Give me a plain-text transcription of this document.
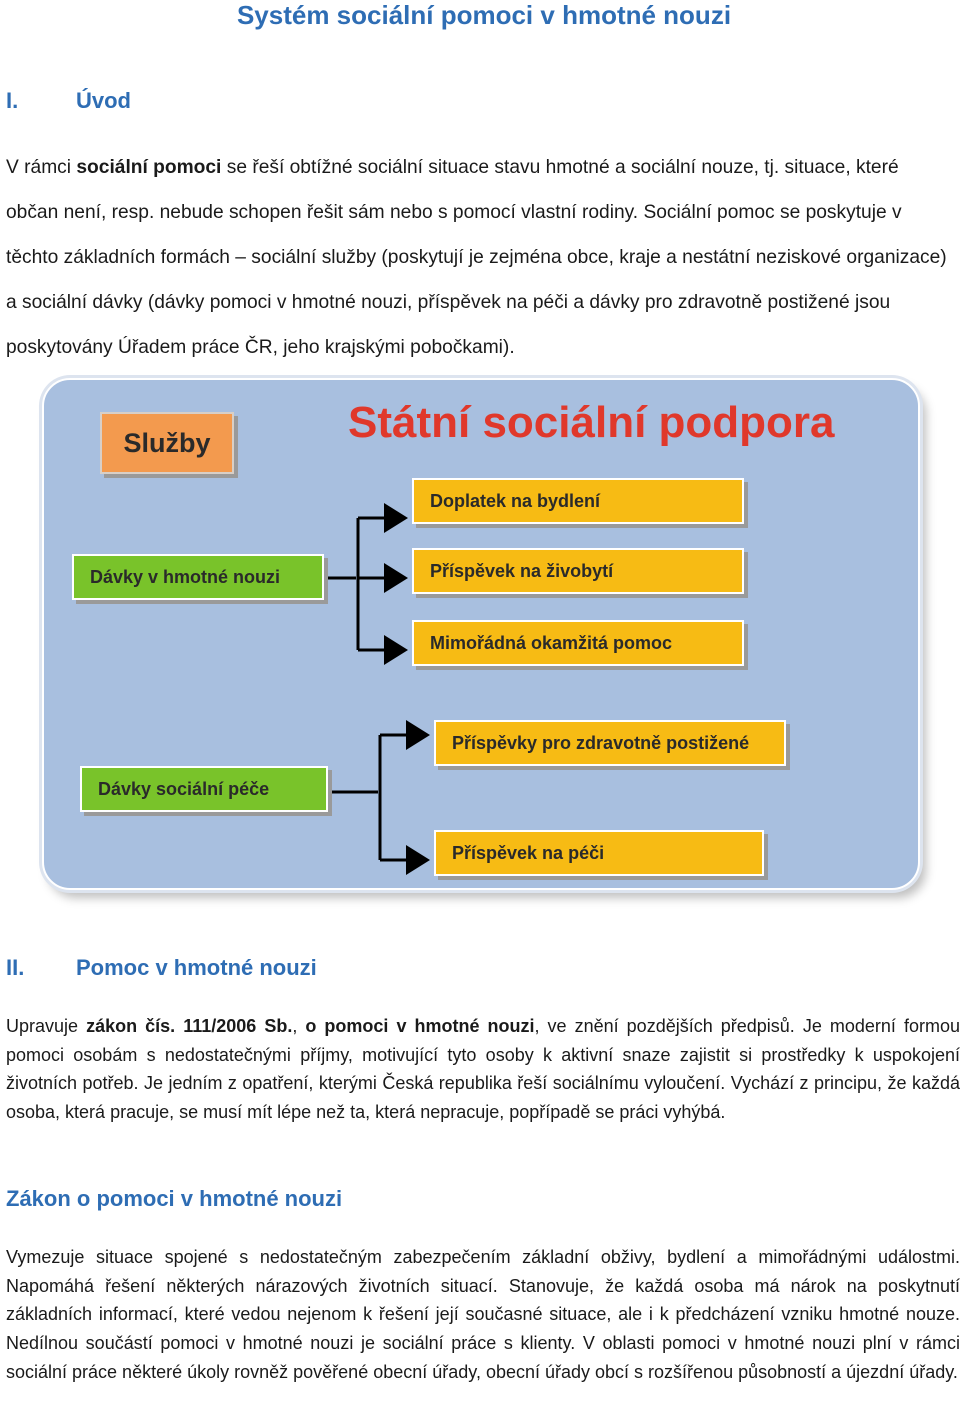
Systém sociální pomoci v hmotné nouzi
I.	Úvod
V rámci sociální pomoci se řeší obtížné sociální situace stavu hmotné a sociální nouze, tj. situace, které občan není, resp. nebude schopen řešit sám nebo s pomocí vlastní rodiny. Sociální pomoc se poskytuje v těchto základních formách – sociální služby (poskytují je zejména obce, kraje a nestátní neziskové organizace) a sociální dávky (dávky pomoci v hmotné nouzi, příspěvek na péči a dávky pro zdravotně postižené jsou poskytovány Úřadem práce ČR, jeho krajskými pobočkami).
Služby	Státní sociální podpora
Dávky v hmotné nouzi
Doplatek na bydlení
Příspěvek na živobytí
Mimořádná okamžitá pomoc
Dávky sociální péče
Příspěvky pro zdravotně postižené
Příspěvek na péči
II. Pomoc v hmotné nouzi
Upravuje zákon čís. 111/2006 Sb., o pomoci v hmotné nouzi, ve znění pozdějších předpisů. Je moderní formou pomoci osobám s nedostatečnými příjmy, motivující tyto osoby k aktivní snaze zajistit si prostředky k uspokojení životních potřeb. Je jedním z opatření, kterými Česká republika řeší sociálnímu vyloučení. Vychází z principu, že každá osoba, která pracuje, se musí mít lépe než ta, která nepracuje, popřípadě se práci vyhýbá.
Zákon o pomoci v hmotné nouzi
Vymezuje situace spojené s nedostatečným zabezpečením základní obživy, bydlení a mimořádnými událostmi. Napomáhá řešení některých nárazových životních situací. Stanovuje, že každá osoba má nárok na poskytnutí základních informací, které vedou nejenom k řešení její současné situace, ale i k předcházení vzniku hmotné nouze. Nedílnou součástí pomoci v hmotné nouzi je sociální práce s klienty. V oblasti pomoci v hmotné nouzi plní v rámci sociální práce některé úkoly rovněž pověřené obecní úřady, obecní úřady obcí s rozšířenou působností a újezdní úřady.
